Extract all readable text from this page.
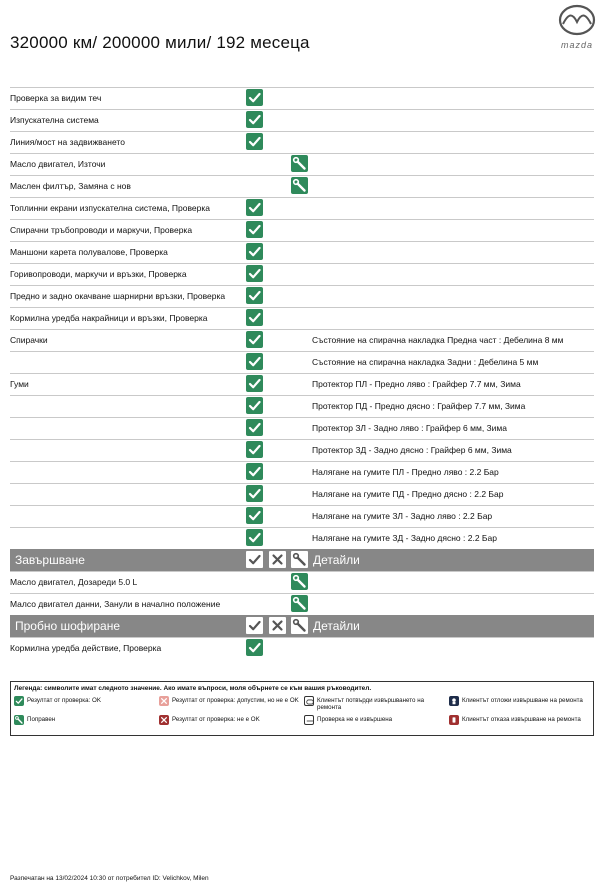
320000 км/ 200000 мили/ 192 месеца	mazda
Проверка за видим теч
Изпускателна система
Линия/мост на задвижването
Масло двигател, Източи
Маслен филтър, Замяна с нов
Топлинни екрани изпускателна система, Проверка
Спирачни тръбопроводи и маркучи, Проверка
Маншони карета полувалове, Проверка
Горивопроводи, маркучи и връзки, Проверка
Предно и задно окачване шарнирни връзки, Проверка
Кормилна уредба накрайници и връзки, Проверка
Спирачки	Състояние на спирачна накладка Предна част : Дебелина 8 мм
Състояние на спирачна накладка Задни : Дебелина 5 мм
Гуми	Протектор ПЛ - Предно ляво : Грайфер 7.7 мм, Зима
Протектор ПД - Предно дясно : Грайфер 7.7 мм, Зима
Протектор ЗЛ - Задно ляво : Грайфер 6 мм, Зима
Протектор ЗД - Задно дясно : Грайфер 6 мм, Зима
Налягане на гумите ПЛ - Предно ляво : 2.2 Бар
Налягане на гумите ПД - Предно дясно : 2.2 Бар
Налягане на гумите ЗЛ - Задно ляво : 2.2 Бар
Налягане на гумите ЗД - Задно дясно : 2.2 Бар
Завършване	Детайли
Масло двигател, Дозареди 5.0 L
Малсо двигател данни, Занули в начално положение
Пробно шофиране	Детайли
Кормилна уредба действие, Проверка
Легенда: символите имат следното значение. Ако имате въпроси, моля обърнете се към вашия ръководител.
Резултат от проверка: OK	Резултат от проверка: допустим, но не е OK	Клиентът потвърди извършването на ремонта
Клиентът отложи извършване на ремонта
Поправен	Резултат от проверка: не е OK	Проверка не е извършена	Клиентът отказа извършване на ремонта
Разпечатан на 13/02/2024 10:30 от потребител ID: Velichkov, Milen
